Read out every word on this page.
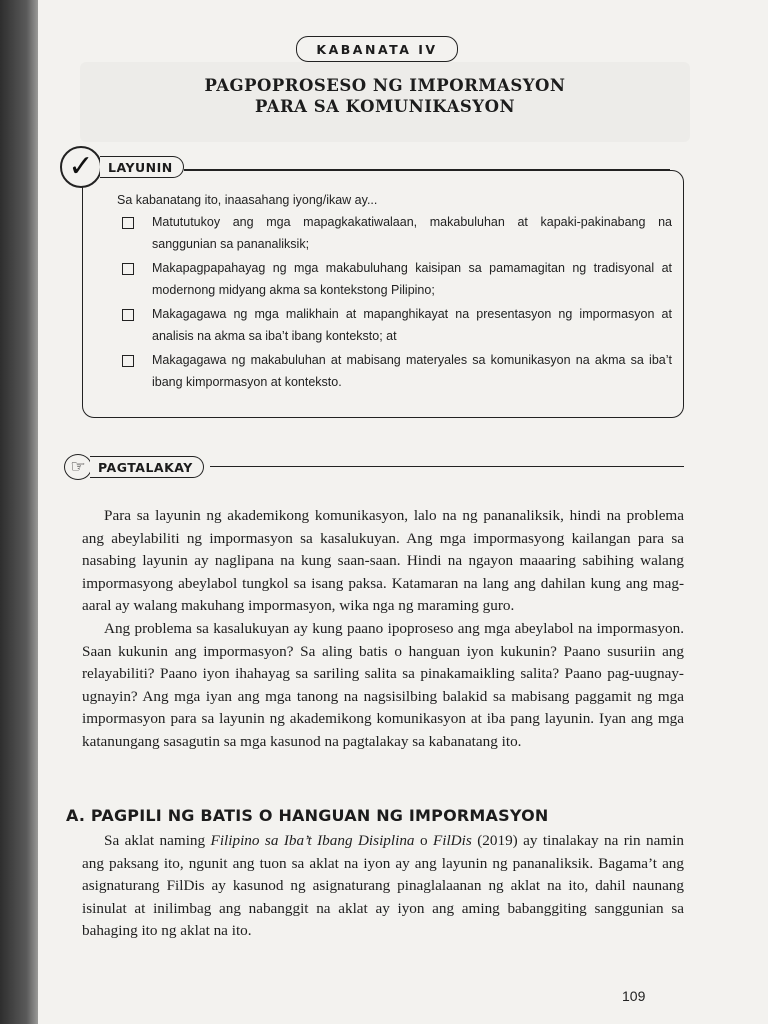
KABANATA IV
PAGPOPROSESO NG IMPORMASYON
PARA SA KOMUNIKASYON
✓	LAYUNIN
Sa kabanatang ito, inaasahang iyong/ikaw ay...
Matututukoy ang mga mapagkakatiwalaan, makabuluhan at kapaki-pakinabang na sanggunian sa pananaliksik;
Makapagpapahayag ng mga makabuluhang kaisipan sa pamamagitan ng tradisyonal at modernong midyang akma sa kontekstong Pilipino;
Makagagawa ng mga malikhain at mapanghikayat na presentasyon ng impormasyon at analisis na akma sa iba’t ibang konteksto; at
Makagagawa ng makabuluhan at mabisang materyales sa komunikasyon na akma sa iba’t ibang kimpormasyon at konteksto.
☞ PAGTALAKAY

Para sa layunin ng akademikong komunikasyon, lalo na ng pananaliksik, hindi na problema ang abeylabiliti ng impormasyon sa kasalukuyan. Ang mga impormasyong kailangan para sa nasabing layunin ay naglipana na kung saan-saan. Hindi na ngayon maaaring sabihing walang impormasyong abeylabol tungkol sa isang paksa. Katamaran na lang ang dahilan kung ang mag-aaral ay walang makuhang impormasyon, wika nga ng maraming guro.

Ang problema sa kasalukuyan ay kung paano ipoproseso ang mga abeylabol na impormasyon. Saan kukunin ang impormasyon? Sa aling batis o hanguan iyon kukunin? Paano susuriin ang relayabiliti? Paano iyon ihahayag sa sariling salita sa pinakamaikling salita? Paano pag-uugnay-ugnayin? Ang mga iyan ang mga tanong na nagsisilbing balakid sa mabisang paggamit ng mga impormasyon para sa layunin ng akademikong komunikasyon at iba pang layunin. Iyan ang mga katanungang sasagutin sa mga kasunod na pagtalakay sa kabanatang ito.

A. PAGPILI NG BATIS O HANGUAN NG IMPORMASYON

Sa aklat naming Filipino sa Iba’t Ibang Disiplina o FilDis (2019) ay tinalakay na rin namin ang paksang ito, ngunit ang tuon sa aklat na iyon ay ang layunin ng pananaliksik. Bagama’t ang asignaturang FilDis ay kasunod ng asignaturang pinaglalaanan ng aklat na ito, dahil naunang isinulat at inilimbag ang nabanggit na aklat ay iyon ang aming babanggiting sanggunian sa bahaging ito ng aklat na ito.

109
